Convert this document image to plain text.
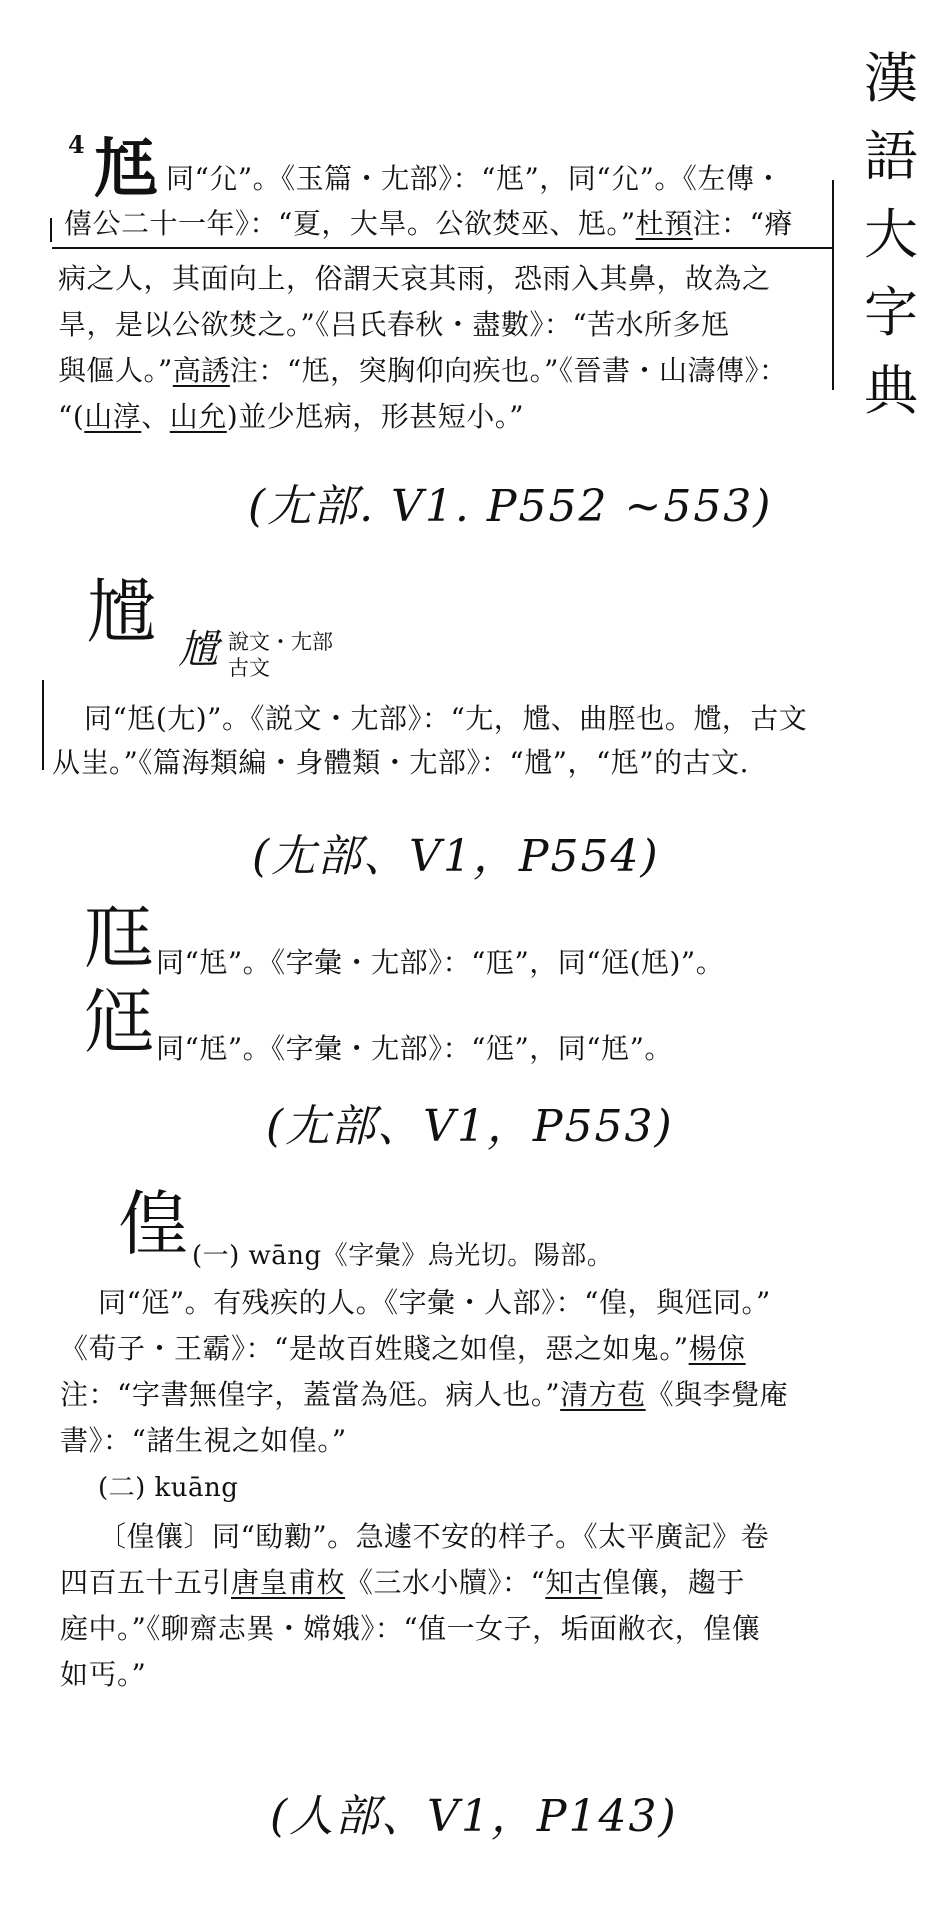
漢
語
大
字
典
4 尪 同“尣”。《玉篇・尢部》：“尪”，同“尣”。《左傳・
僖公二十一年》：“夏，大旱。公欲焚巫、尪。”杜預注：“瘠
病之人，其面向上，俗謂天哀其雨，恐雨入其鼻，故為之
旱，是以公欲焚之。”《吕氏春秋・盡數》：“苦水所多尪
與傴人。”高誘注：“尪，突胸仰向疾也。”《晉書・山濤傳》：
“(山淳、山允)並少尪病，形甚短小。”
(尢部. V1. P552 ~553)
尳 尳 說文・尢部
古文
同“尪(尢)”。《説文・尢部》：“尢，尳、曲脛也。尳，古文
从㞷。”《篇海類編・身體類・尢部》：“尳”，“尪”的古文.
(尢部、V1，P554)
尫 同“尪”。《字彙・尢部》：“尫”，同“尩(尪)”。
尩 同“尪”。《字彙・尢部》：“尩”，同“尪”。
(尢部、V1，P553)
偟 (一) wāng《字彙》烏光切。陽部。
同“尩”。有残疾的人。《字彙・人部》：“偟，與尩同。”
《荀子・王霸》：“是故百姓賤之如偟，惡之如鬼。”楊倞
注：“字書無偟字，蓋當為尩。病人也。”清方苞《與李覺庵
書》：“諸生視之如偟。”
(二) kuāng
〔偟儴〕同“劻勷”。急遽不安的样子。《太平廣記》卷
四百五十五引唐皇甫枚《三水小牘》：“知古偟儴，趨于
庭中。”《聊齋志異・嫦娥》：“值一女子，垢面敝衣，偟儴
如丐。”
(人部、V1，P143)
